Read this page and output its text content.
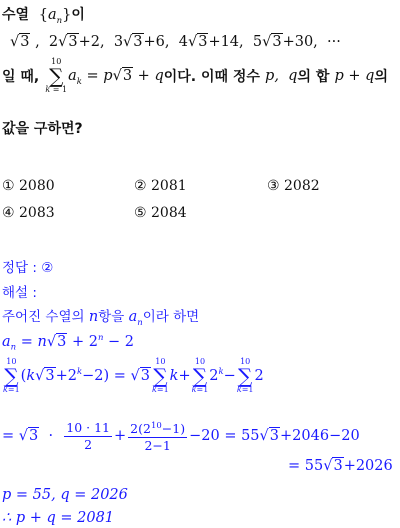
수열  $\{a_n\}$이
√3 ,  2√3+2,  3√3+6,  4√3+14,  5√3+30,  ···
일 때,
10
∑
k = 1
$a_k = p√3 + q$이다. 이때 정수 p,  q의 합 p + q의
값을 구하면?
① 2080	② 2081	③ 2082
④ 2083	⑤ 2084
정답 : ②
해설 :
주어진 수열의 n항을 $a_n$이라 하면
$a_n = n√3 + 2^n - 2$
10
∑
k=1
$(k√3+2^k-2) = √3$
10
∑
k=1
k+
10
∑
k=1
$2^k-$
10
∑
k=1
2
= $√3 \cdot \frac{10 \cdot 11}{2} + \frac{2(2^{10}-1)}{2-1} -20 = 55√3+2046-20$
= 55√3+2026
p = 55, q = 2026
∴ p + q = 2081
